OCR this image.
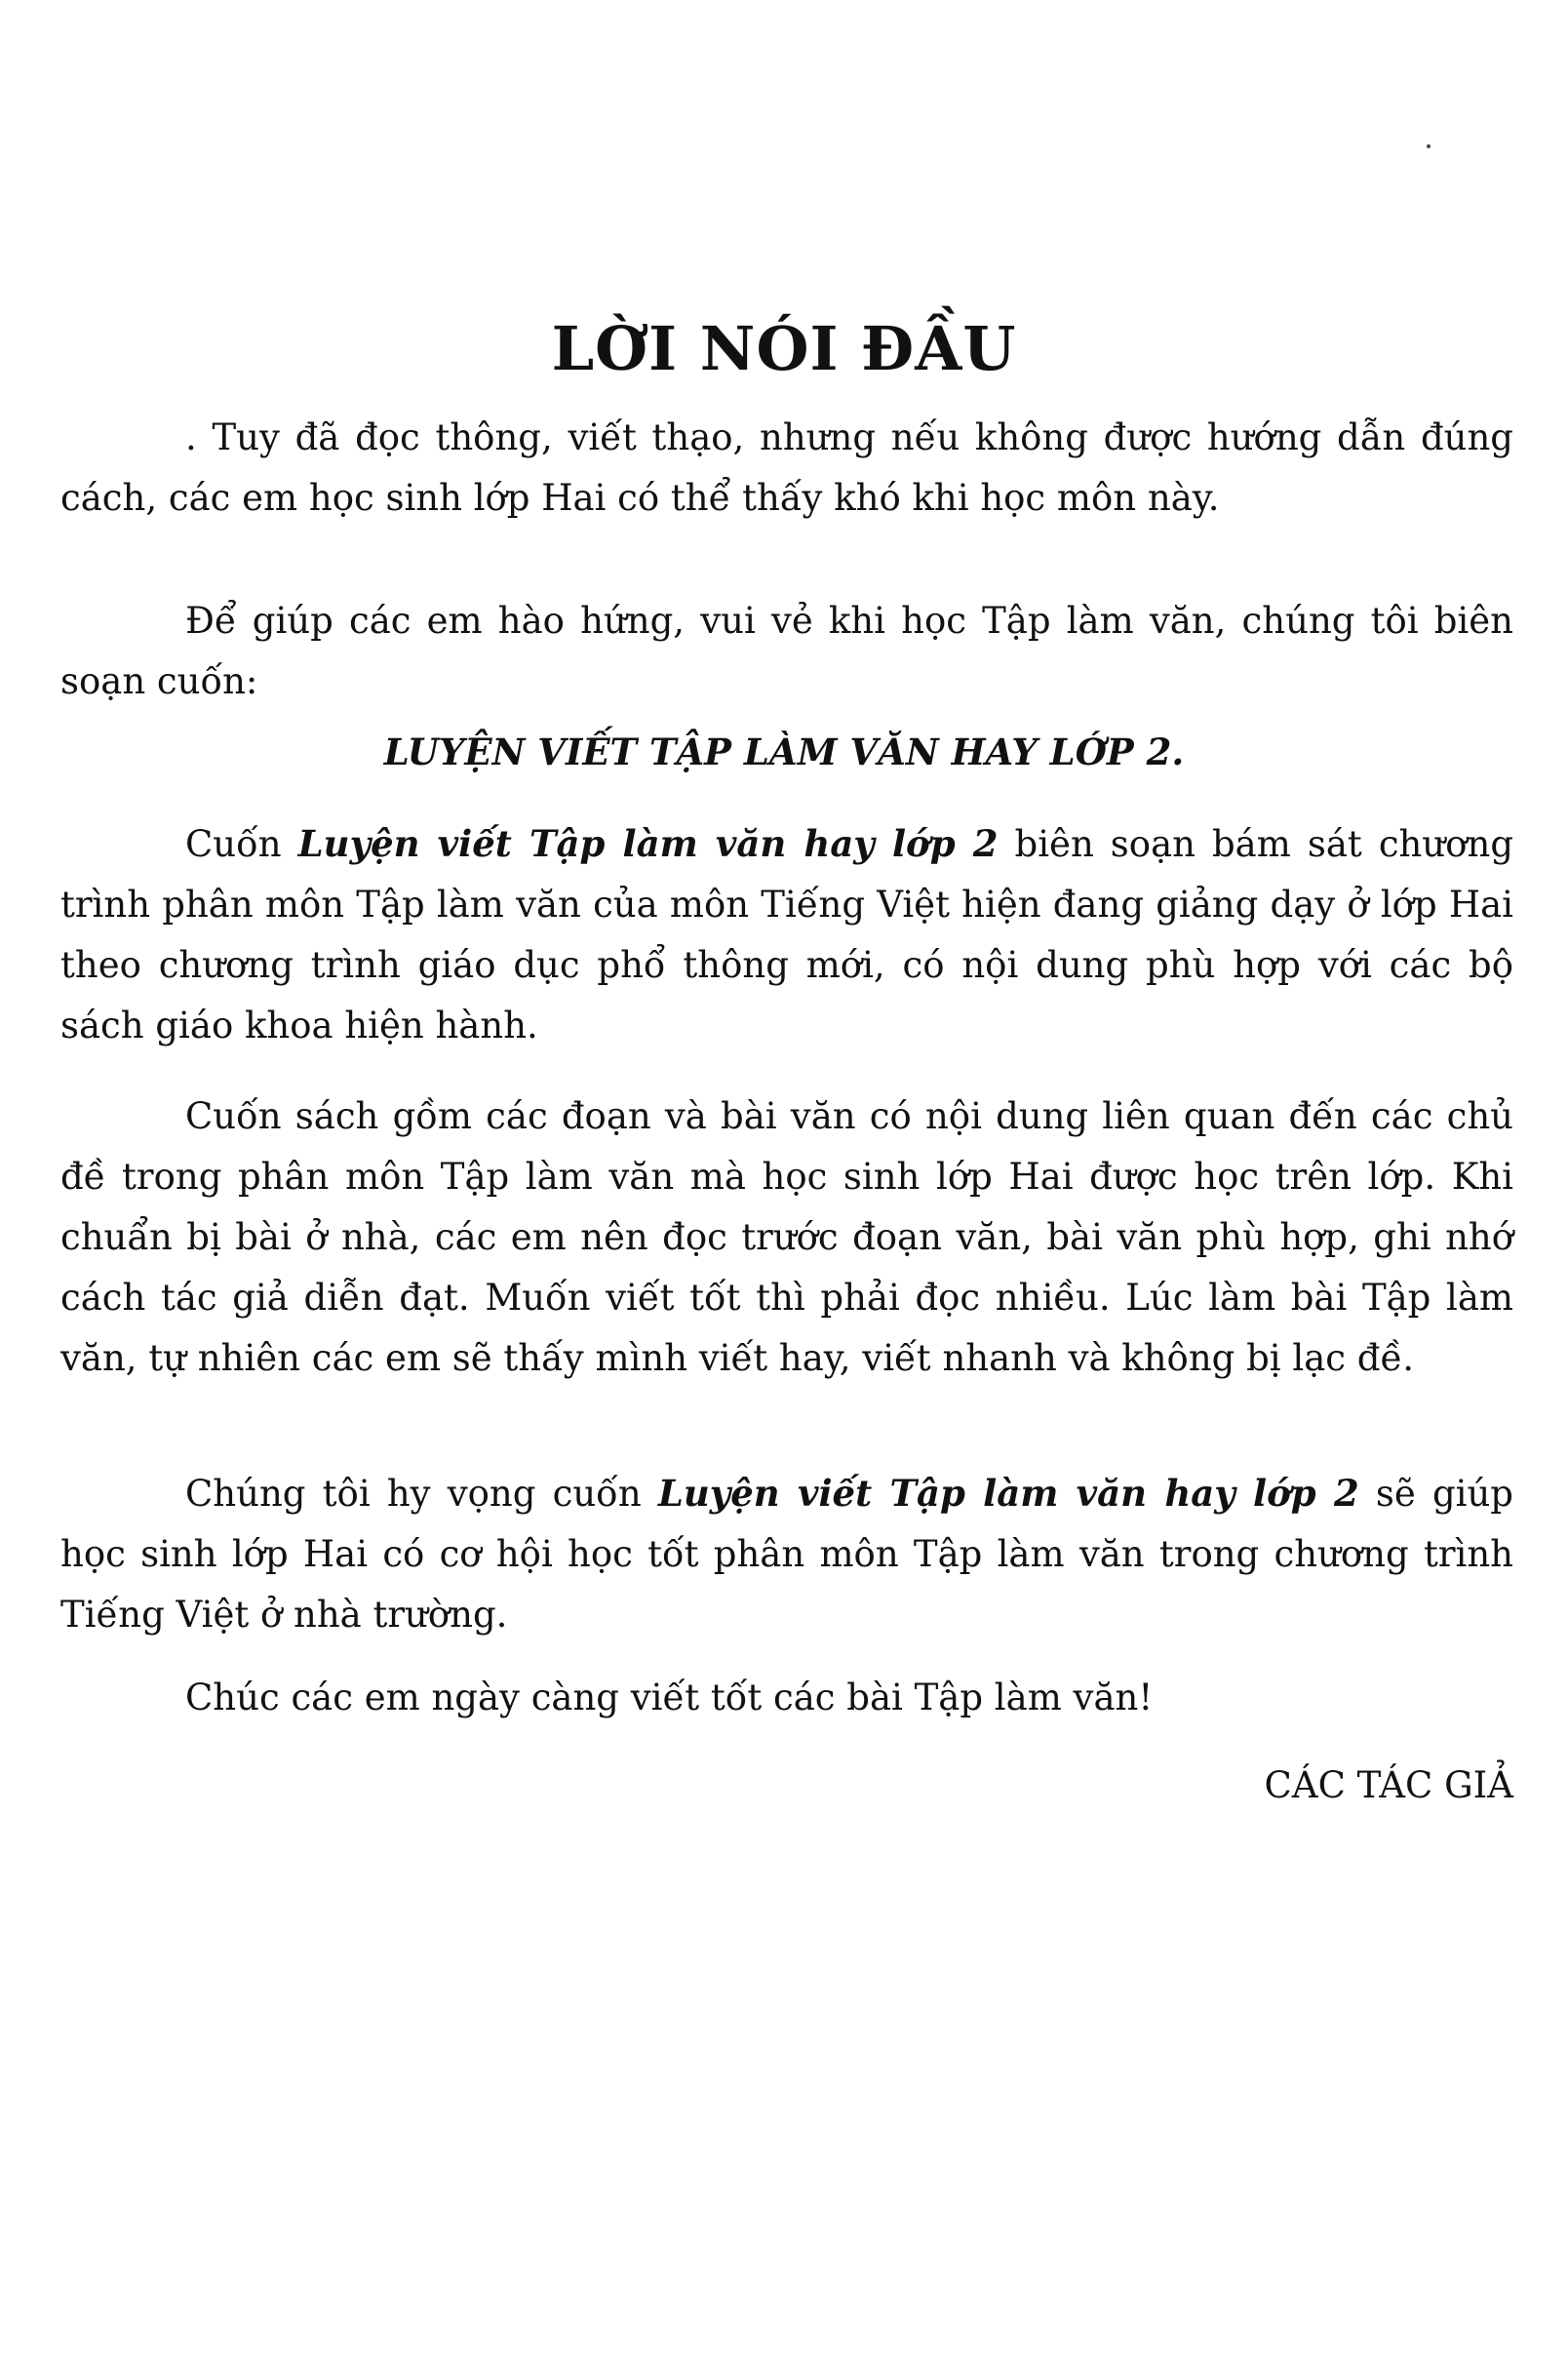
LỜI NÓI ĐẦU

. Tuy đã đọc thông, viết thạo, nhưng nếu không được hướng dẫn đúng cách, các em học sinh lớp Hai có thể thấy khó khi học môn này.

Để giúp các em hào hứng, vui vẻ khi học Tập làm văn, chúng tôi biên soạn cuốn:

LUYỆN VIẾT TẬP LÀM VĂN HAY LỚP 2.

Cuốn Luyện viết Tập làm văn hay lớp 2 biên soạn bám sát chương trình phân môn Tập làm văn của môn Tiếng Việt hiện đang giảng dạy ở lớp Hai theo chương trình giáo dục phổ thông mới, có nội dung phù hợp với các bộ sách giáo khoa hiện hành.

Cuốn sách gồm các đoạn và bài văn có nội dung liên quan đến các chủ đề trong phân môn Tập làm văn mà học sinh lớp Hai được học trên lớp. Khi chuẩn bị bài ở nhà, các em nên đọc trước đoạn văn, bài văn phù hợp, ghi nhớ cách tác giả diễn đạt. Muốn viết tốt thì phải đọc nhiều. Lúc làm bài Tập làm văn, tự nhiên các em sẽ thấy mình viết hay, viết nhanh và không bị lạc đề.

Chúng tôi hy vọng cuốn Luyện viết Tập làm văn hay lớp 2 sẽ giúp học sinh lớp Hai có cơ hội học tốt phân môn Tập làm văn trong chương trình Tiếng Việt ở nhà trường.

Chúc các em ngày càng viết tốt các bài Tập làm văn!
CÁC TÁC GIẢ
